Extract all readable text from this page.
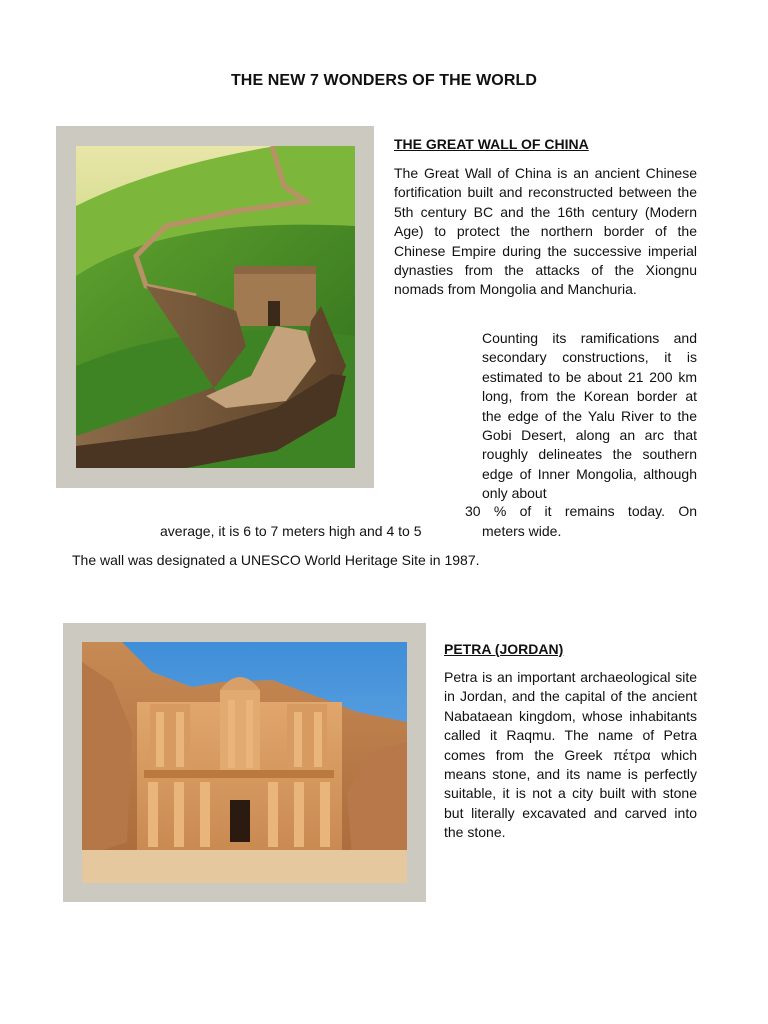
THE NEW 7 WONDERS OF THE WORLD
THE GREAT WALL OF CHINA

The Great Wall of China is an ancient Chinese fortification built and reconstructed between the 5th century BC and the 16th century (Modern Age) to protect the northern border of the Chinese Empire during the successive imperial dynasties from the attacks of the Xiongnu nomads from Mongolia and Manchuria.

Counting its ramifications and secondary constructions, it is estimated to be about 21 200 km long, from the Korean border at the edge of the Yalu River to the Gobi Desert, along an arc that roughly delineates the southern edge of Inner Mongolia, although only about

30 % of it remains today. On
average, it is 6 to 7 meters high and 4 to 5	meters wide.
The wall was designated a UNESCO World Heritage Site in 1987.
PETRA (JORDAN)

Petra is an important archaeological site in Jordan, and the capital of the ancient Nabataean kingdom, whose inhabitants called it Raqmu. The name of Petra comes from the Greek πέτρα which means stone, and its name is perfectly suitable, it is not a city built with stone but literally excavated and carved into the stone.
